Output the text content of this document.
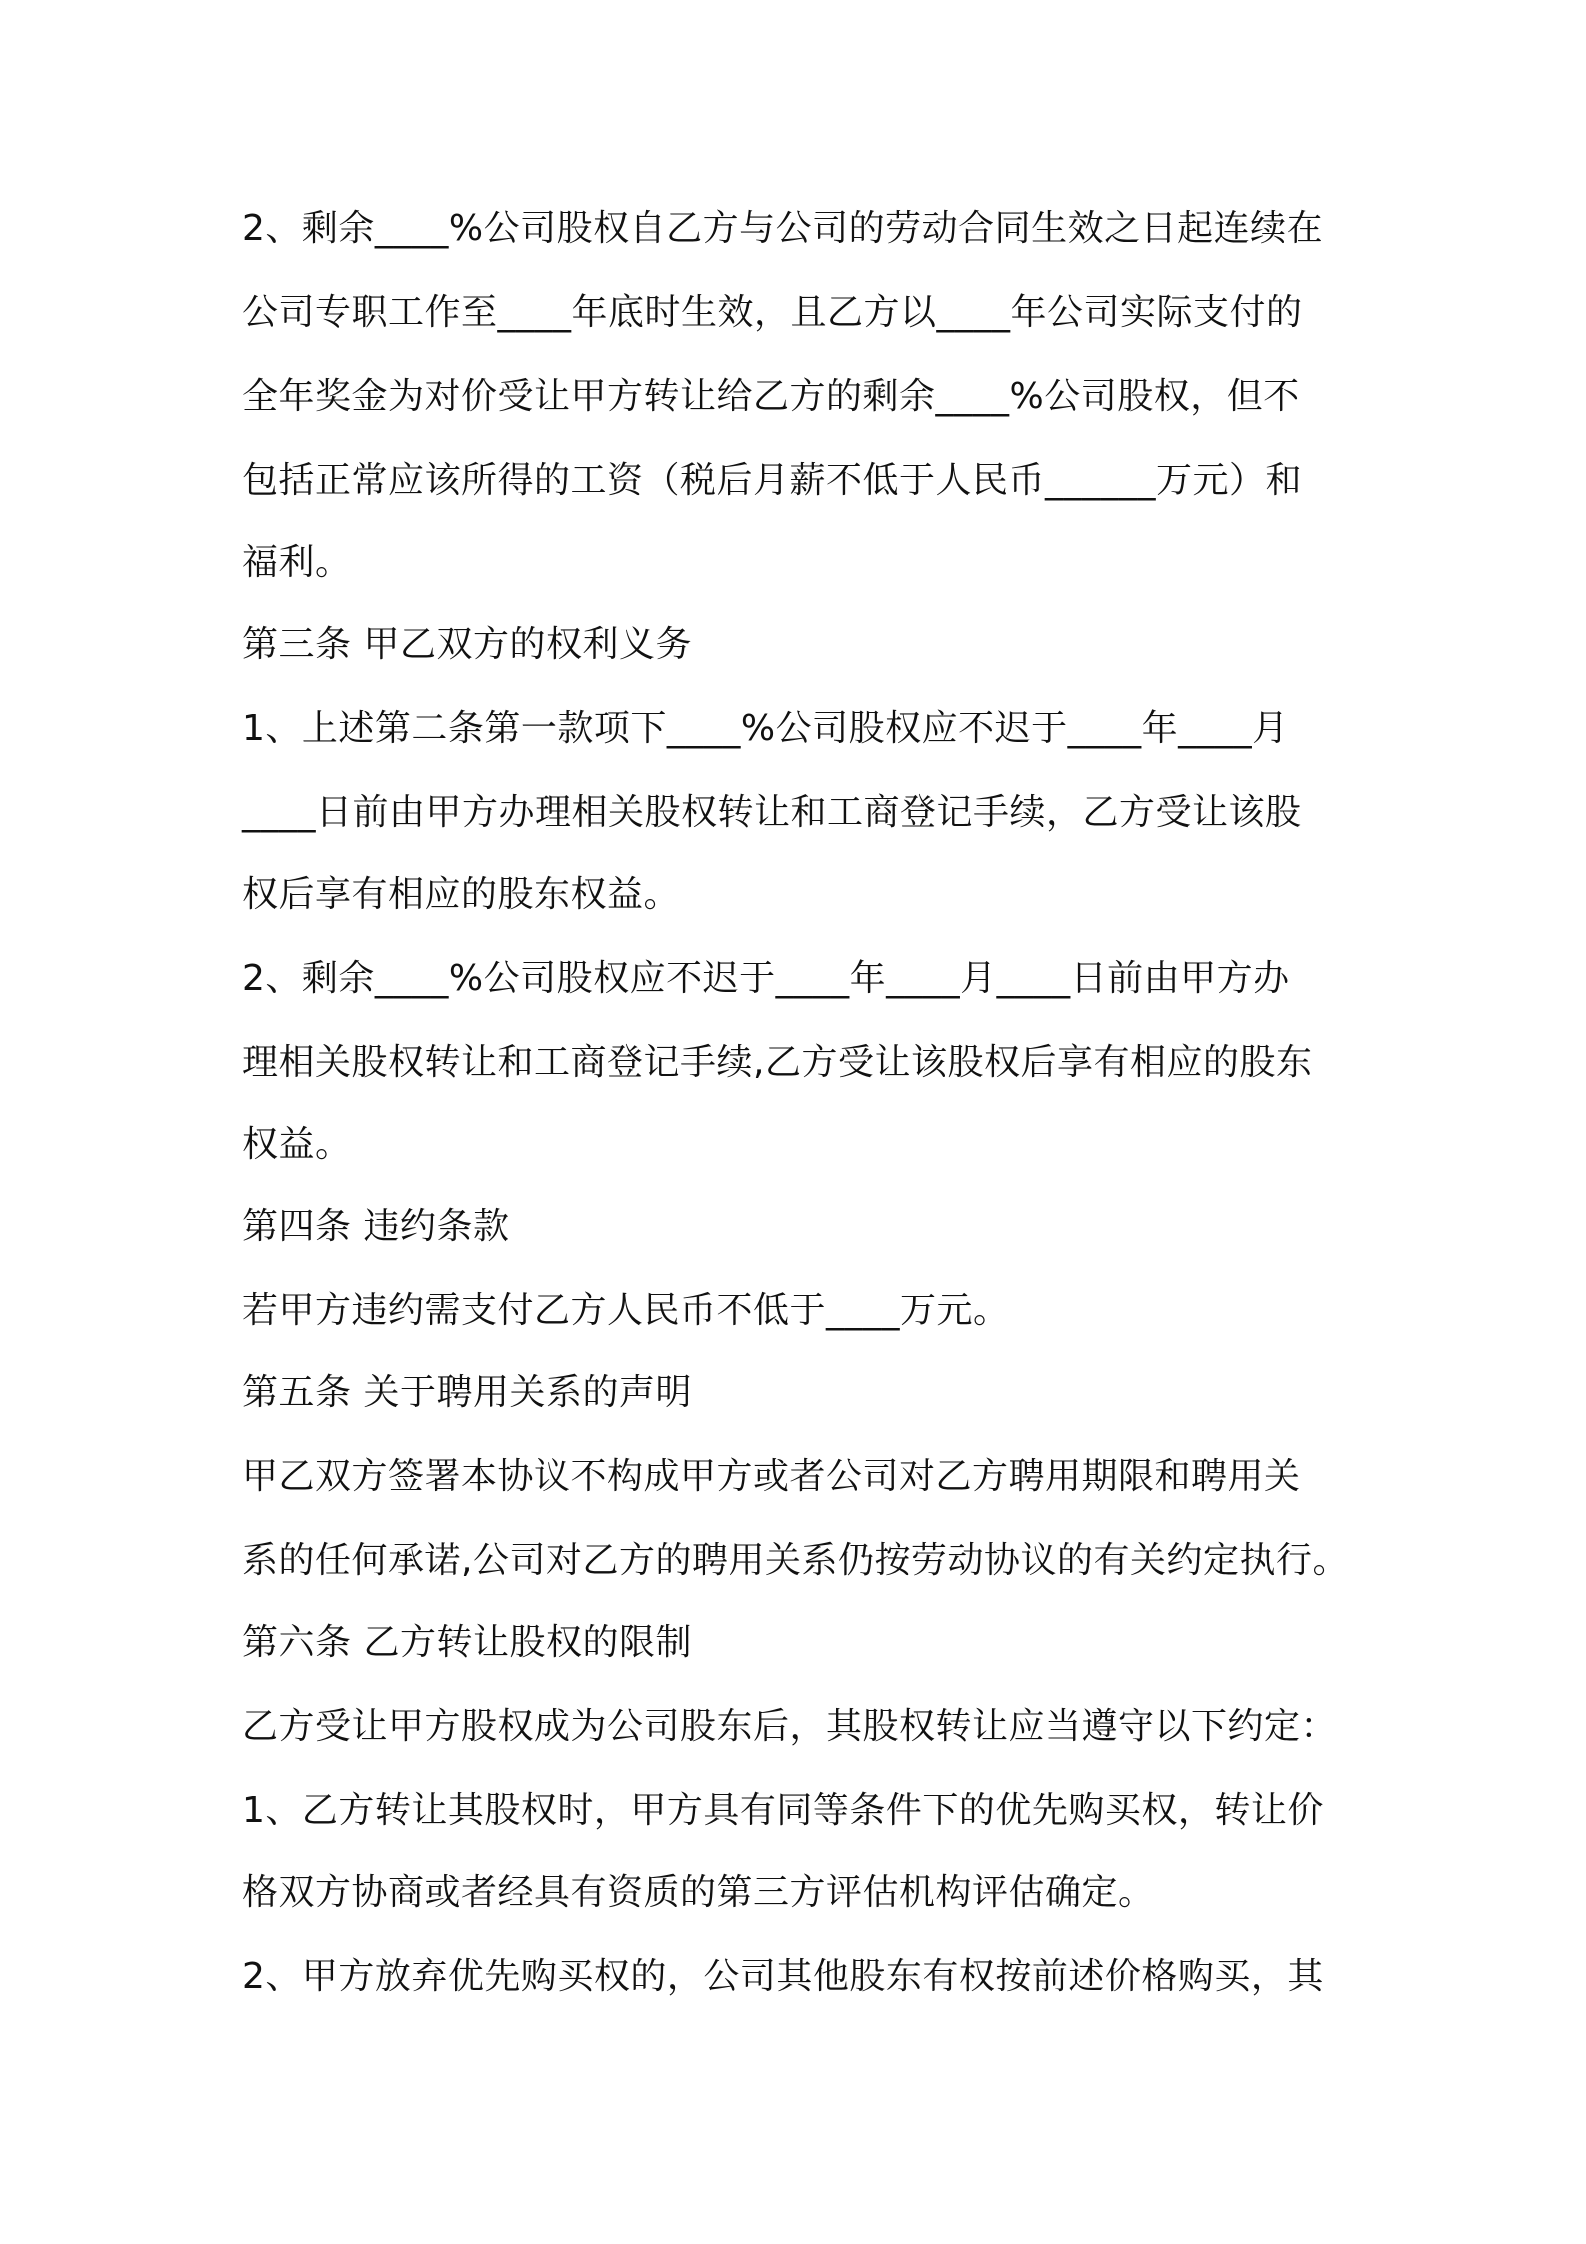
2、剩余____%公司股权自乙方与公司的劳动合同生效之日起连续在
公司专职工作至____年底时生效，且乙方以____年公司实际支付的
全年奖金为对价受让甲方转让给乙方的剩余____%公司股权，但不
包括正常应该所得的工资（税后月薪不低于人民币______万元）和
福利。
第三条 甲乙双方的权利义务
1、上述第二条第一款项下____%公司股权应不迟于____年____月
____日前由甲方办理相关股权转让和工商登记手续，乙方受让该股
权后享有相应的股东权益。
2、剩余____%公司股权应不迟于____年____月____日前由甲方办
理相关股权转让和工商登记手续,乙方受让该股权后享有相应的股东
权益。
第四条 违约条款
若甲方违约需支付乙方人民币不低于____万元。
第五条 关于聘用关系的声明
甲乙双方签署本协议不构成甲方或者公司对乙方聘用期限和聘用关
系的任何承诺,公司对乙方的聘用关系仍按劳动协议的有关约定执行。
第六条 乙方转让股权的限制
乙方受让甲方股权成为公司股东后，其股权转让应当遵守以下约定：
1、乙方转让其股权时，甲方具有同等条件下的优先购买权，转让价
格双方协商或者经具有资质的第三方评估机构评估确定。
2、甲方放弃优先购买权的，公司其他股东有权按前述价格购买，其
